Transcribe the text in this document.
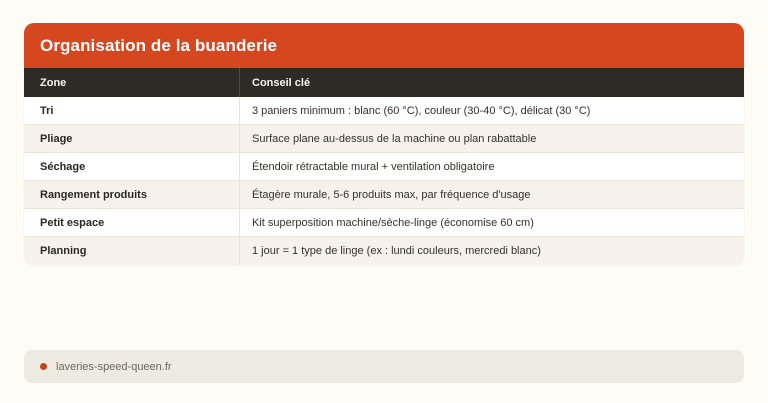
Organisation de la buanderie
Zone	Conseil clé
Tri	3 paniers minimum : blanc (60 °C), couleur (30-40 °C), délicat (30 °C)
Pliage	Surface plane au-dessus de la machine ou plan rabattable
Séchage	Étendoir rétractable mural + ventilation obligatoire
Rangement produits	Étagère murale, 5-6 produits max, par fréquence d'usage
Petit espace	Kit superposition machine/sèche-linge (économise 60 cm)
Planning	1 jour = 1 type de linge (ex : lundi couleurs, mercredi blanc)
laveries-speed-queen.fr
